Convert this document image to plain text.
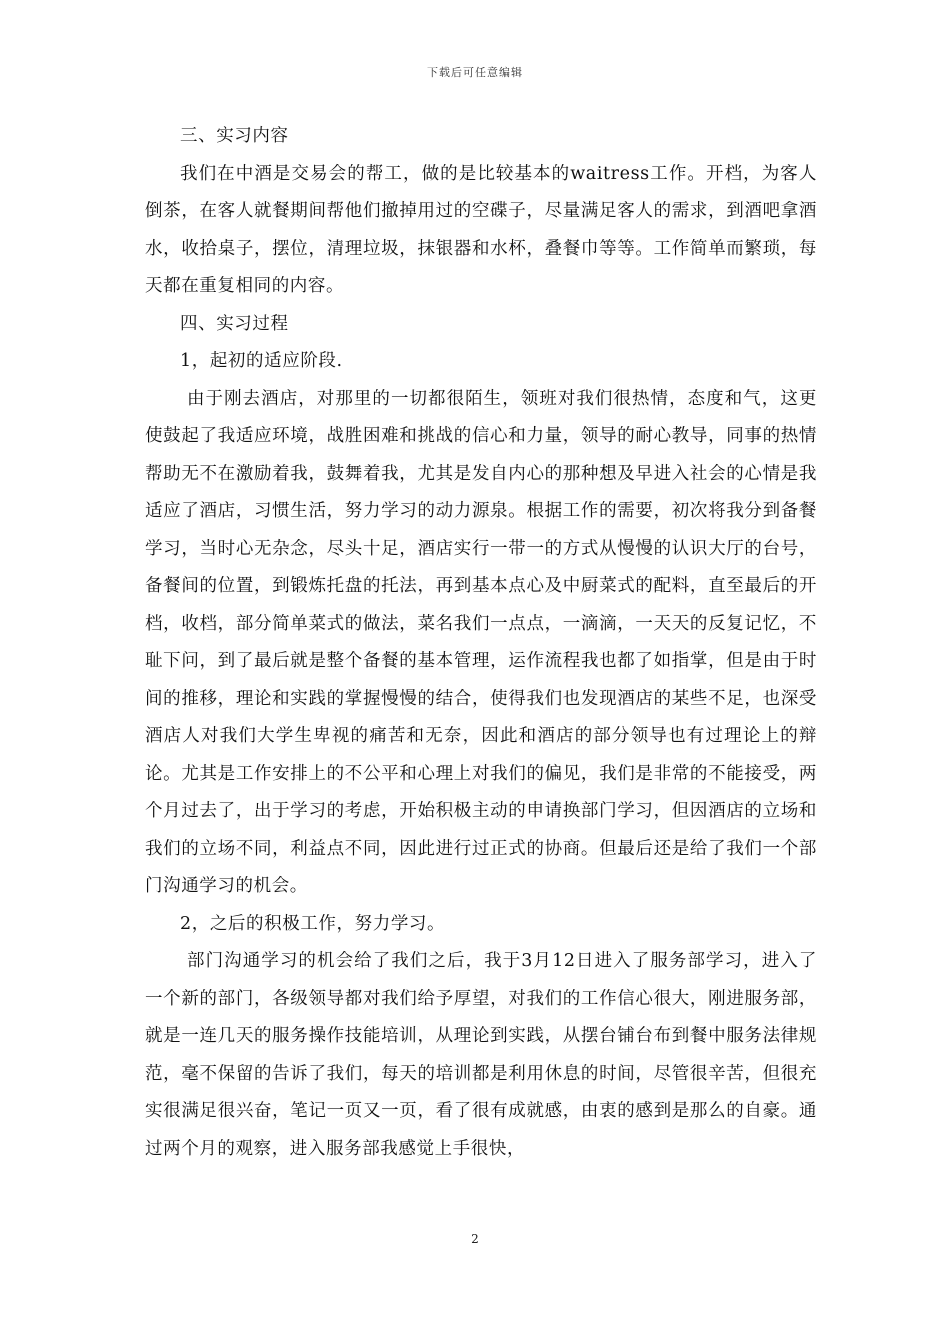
下载后可任意编辑

三、实习内容

我们在中酒是交易会的帮工，做的是比较基本的waitress工作。开档，为客人倒茶，在客人就餐期间帮他们撤掉用过的空碟子，尽量满足客人的需求，到酒吧拿酒水，收拾桌子，摆位，清理垃圾，抹银器和水杯，叠餐巾等等。工作简单而繁琐，每天都在重复相同的内容。

四、实习过程

1，起初的适应阶段.

由于刚去酒店，对那里的一切都很陌生，领班对我们很热情，态度和气，这更使鼓起了我适应环境，战胜困难和挑战的信心和力量，领导的耐心教导，同事的热情帮助无不在激励着我，鼓舞着我，尤其是发自内心的那种想及早进入社会的心情是我适应了酒店，习惯生活，努力学习的动力源泉。根据工作的需要，初次将我分到备餐学习，当时心无杂念，尽头十足，酒店实行一带一的方式从慢慢的认识大厅的台号，备餐间的位置，到锻炼托盘的托法，再到基本点心及中厨菜式的配料，直至最后的开档，收档，部分简单菜式的做法，菜名我们一点点，一滴滴，一天天的反复记忆，不耻下问，到了最后就是整个备餐的基本管理，运作流程我也都了如指掌，但是由于时间的推移，理论和实践的掌握慢慢的结合，使得我们也发现酒店的某些不足，也深受酒店人对我们大学生卑视的痛苦和无奈，因此和酒店的部分领导也有过理论上的辩论。尤其是工作安排上的不公平和心理上对我们的偏见，我们是非常的不能接受，两个月过去了，出于学习的考虑，开始积极主动的申请换部门学习，但因酒店的立场和我们的立场不同，利益点不同，因此进行过正式的协商。但最后还是给了我们一个部门沟通学习的机会。

2，之后的积极工作，努力学习。

部门沟通学习的机会给了我们之后，我于3月12日进入了服务部学习，进入了一个新的部门，各级领导都对我们给予厚望，对我们的工作信心很大，刚进服务部，就是一连几天的服务操作技能培训，从理论到实践，从摆台铺台布到餐中服务法律规范，毫不保留的告诉了我们，每天的培训都是利用休息的时间，尽管很辛苦，但很充实很满足很兴奋，笔记一页又一页，看了很有成就感，由衷的感到是那么的自豪。通过两个月的观察，进入服务部我感觉上手很快，

2
